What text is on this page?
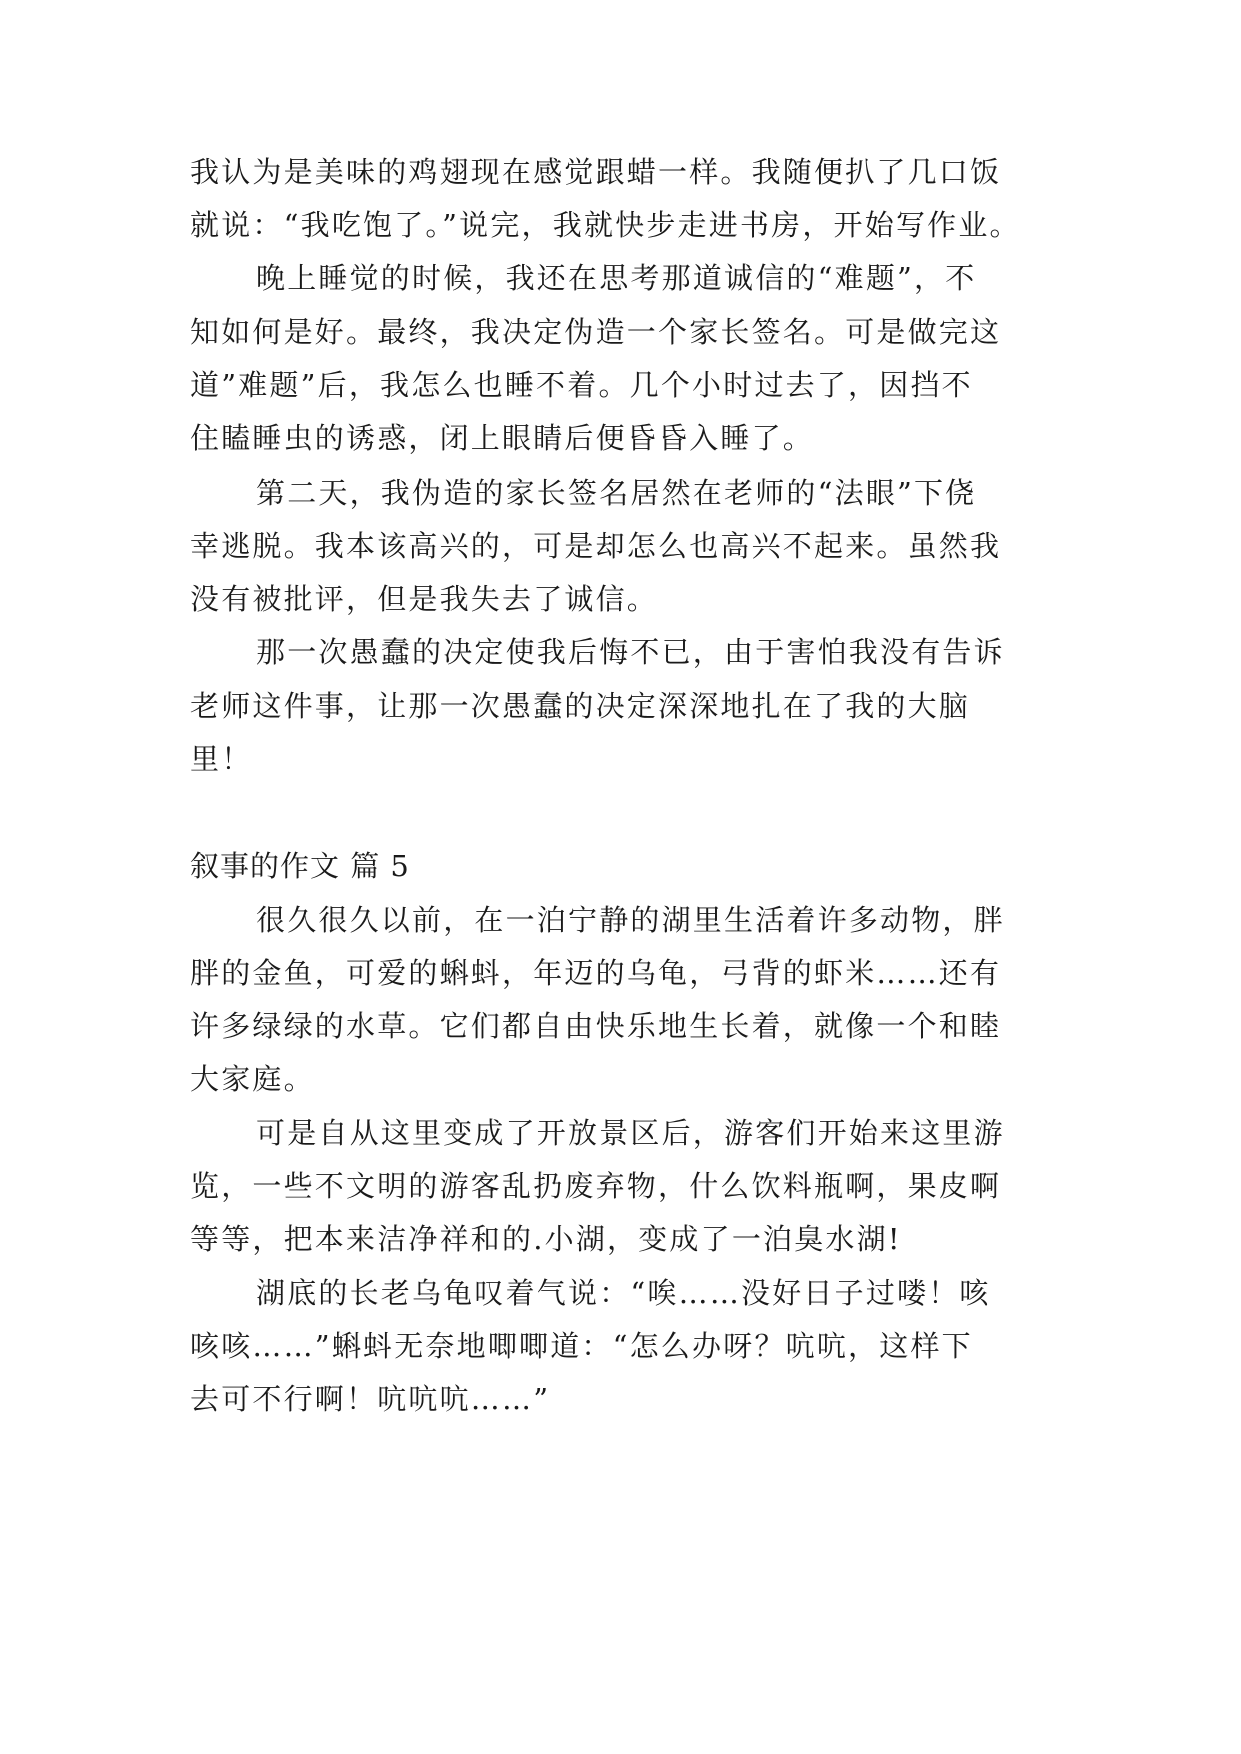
我认为是美味的鸡翅现在感觉跟蜡一样。我随便扒了几口饭
就说：“我吃饱了。”说完，我就快步走进书房，开始写作业。
晚上睡觉的时候，我还在思考那道诚信的“难题”，不
知如何是好。最终，我决定伪造一个家长签名。可是做完这
道”难题”后，我怎么也睡不着。几个小时过去了，因挡不
住瞌睡虫的诱惑，闭上眼睛后便昏昏入睡了。
第二天，我伪造的家长签名居然在老师的“法眼”下侥
幸逃脱。我本该高兴的，可是却怎么也高兴不起来。虽然我
没有被批评，但是我失去了诚信。
那一次愚蠢的决定使我后悔不已，由于害怕我没有告诉
老师这件事，让那一次愚蠢的决定深深地扎在了我的大脑
里！
叙事的作文 篇 5
很久很久以前，在一泊宁静的湖里生活着许多动物，胖
胖的金鱼，可爱的蝌蚪，年迈的乌龟，弓背的虾米……还有
许多绿绿的水草。它们都自由快乐地生长着，就像一个和睦
大家庭。
可是自从这里变成了开放景区后，游客们开始来这里游
览，一些不文明的游客乱扔废弃物，什么饮料瓶啊，果皮啊
等等，把本来洁净祥和的.小湖，变成了一泊臭水湖!
湖底的长老乌龟叹着气说：“唉……没好日子过喽！咳
咳咳……”蝌蚪无奈地唧唧道：“怎么办呀？吭吭，这样下
去可不行啊！吭吭吭……”
